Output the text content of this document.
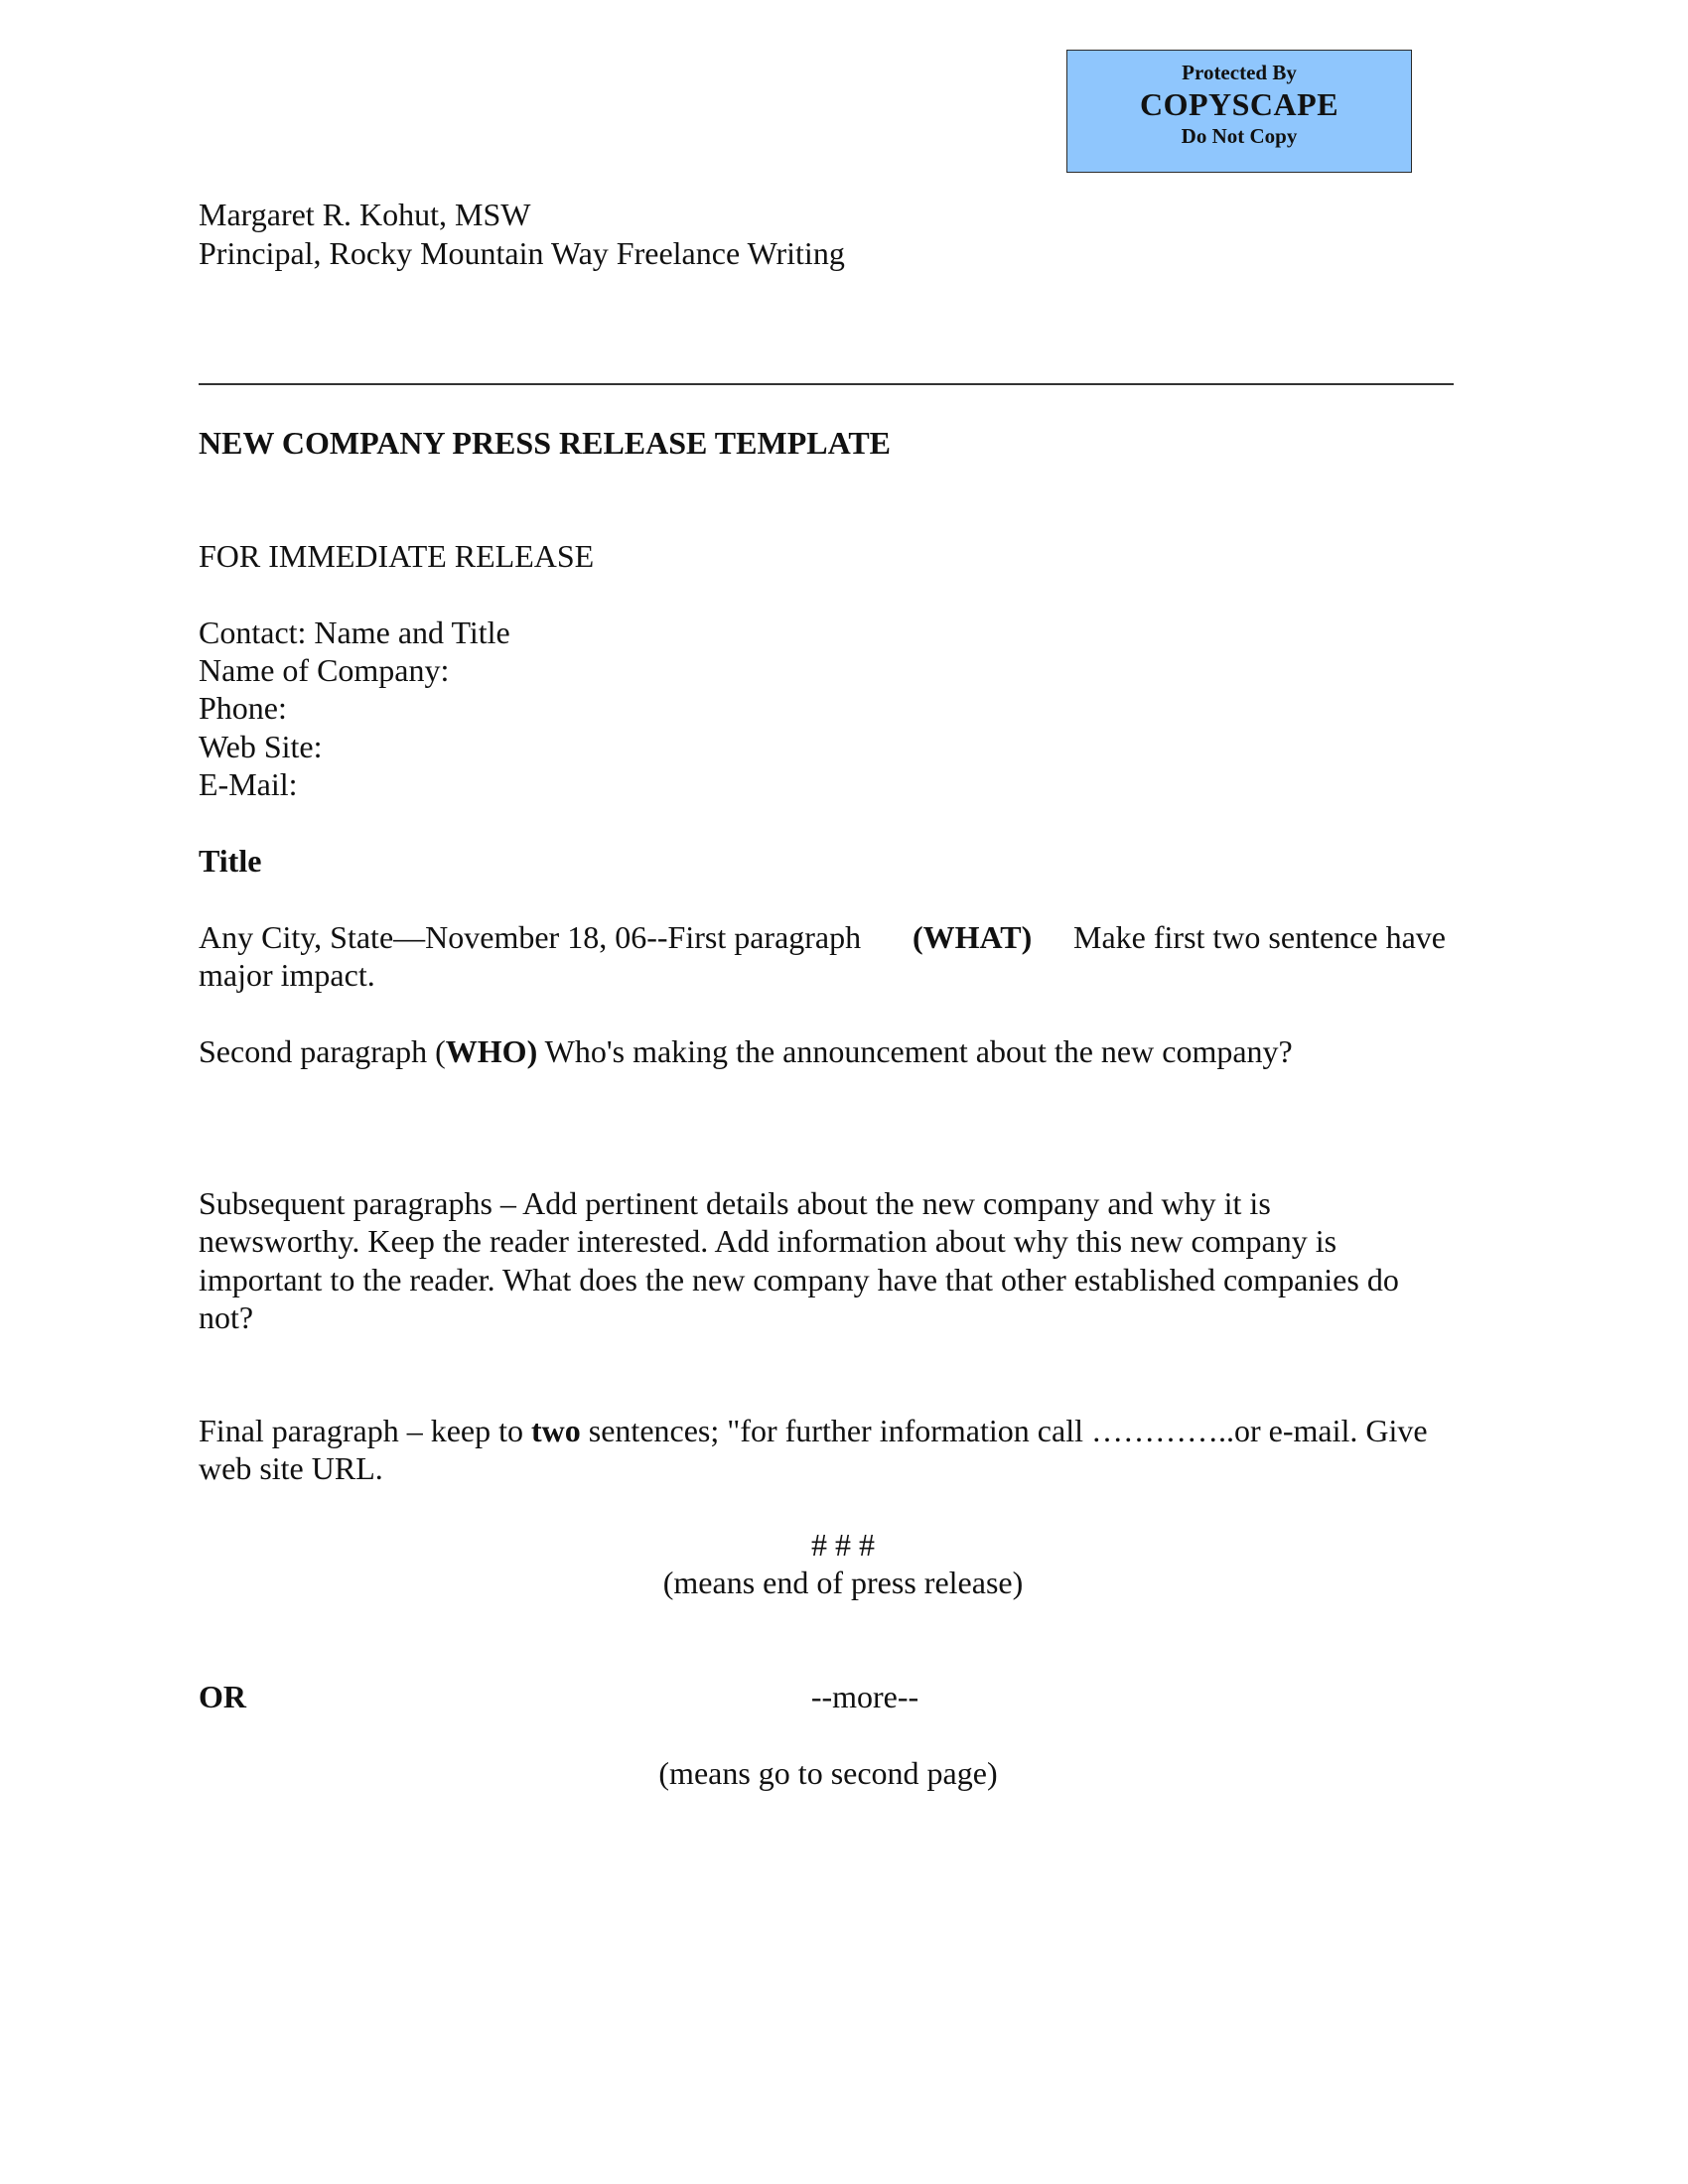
Protected By
COPYSCAPE
Do Not Copy
Margaret R. Kohut, MSW
Principal, Rocky Mountain Way Freelance Writing
NEW COMPANY PRESS RELEASE TEMPLATE
FOR IMMEDIATE RELEASE
Contact: Name and Title
Name of Company:
Phone:
Web Site:
E-Mail:
Title
Any City, State—November 18, 06--First paragraph (WHAT) Make first two sentence have
major impact.
Second paragraph (WHO) Who's making the announcement about the new company?
Subsequent paragraphs – Add pertinent details about the new company and why it is
newsworthy. Keep the reader interested. Add information about why this new company is
important to the reader. What does the new company have that other established companies do
not?
Final paragraph – keep to two sentences; "for further information call …………..or e-mail. Give
web site URL.
# # #
(means end of press release)
OR	--more--
(means go to second page)
